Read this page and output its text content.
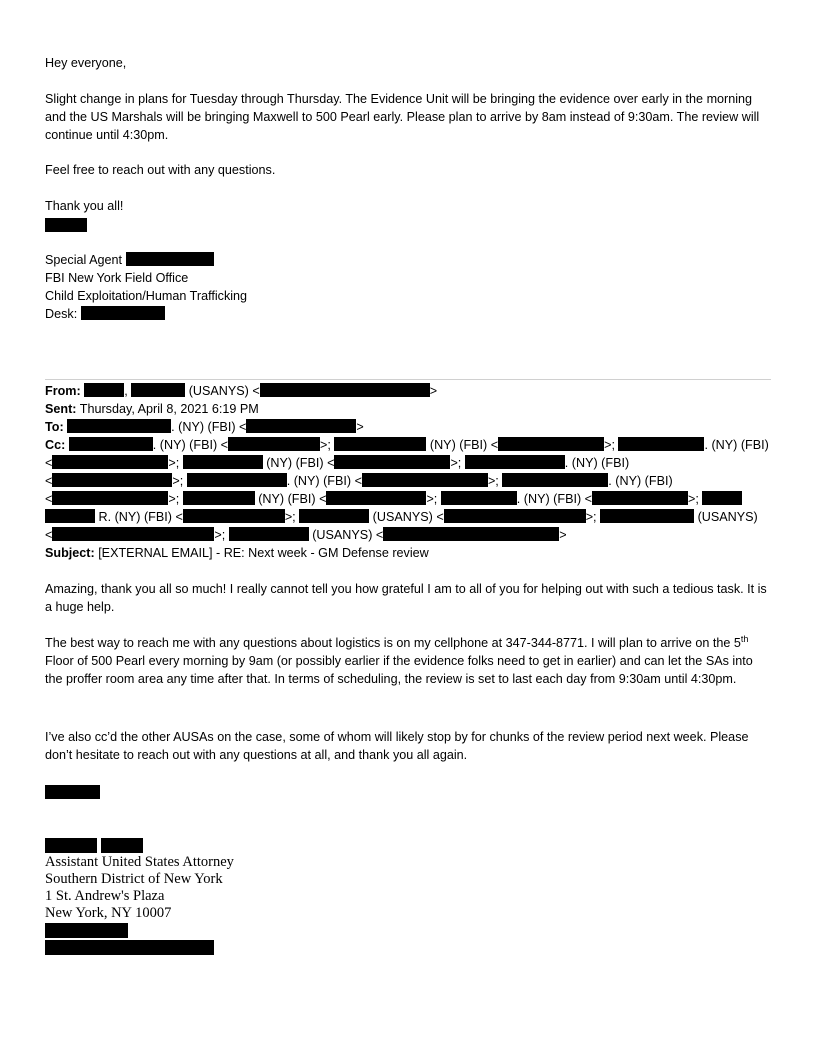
Hey everyone,
Slight change in plans for Tuesday through Thursday. The Evidence Unit will be bringing the evidence over early in the morning and the US Marshals will be bringing Maxwell to 500 Pearl early. Please plan to arrive by 8am instead of 9:30am. The review will continue until 4:30pm.
Feel free to reach out with any questions.
Thank you all!
Special Agent
FBI New York Field Office
Child Exploitation/Human Trafficking
Desk:
From:	,	(USANYS) <	>
Sent: Thursday, April 8, 2021 6:19 PM
To:	. (NY) (FBI) <	>
Cc:	. (NY) (FBI) <	>;	(NY) (FBI) <	>;	. (NY) (FBI)
<	>;	(NY) (FBI) <	>;	. (NY) (FBI)
<	>;	. (NY) (FBI) <	>;	. (NY) (FBI)
<	>;	(NY) (FBI) <	>;	. (NY) (FBI) <	>;
R. (NY) (FBI) <	>;	(USANYS) <	>;	(USANYS)
<	>;	(USANYS) <	>
Subject: [EXTERNAL EMAIL] - RE: Next week - GM Defense review
Amazing, thank you all so much! I really cannot tell you how grateful I am to all of you for helping out with such a tedious task. It is a huge help.
The best way to reach me with any questions about logistics is on my cellphone at 347-344-8771. I will plan to arrive on the 5th Floor of 500 Pearl every morning by 9am (or possibly earlier if the evidence folks need to get in earlier) and can let the SAs into the proffer room area any time after that. In terms of scheduling, the review is set to last each day from 9:30am until 4:30pm.
I’ve also cc’d the other AUSAs on the case, some of whom will likely stop by for chunks of the review period next week. Please don’t hesitate to reach out with any questions at all, and thank you all again.
Assistant United States Attorney
Southern District of New York
1 St. Andrew's Plaza
New York, NY 10007
